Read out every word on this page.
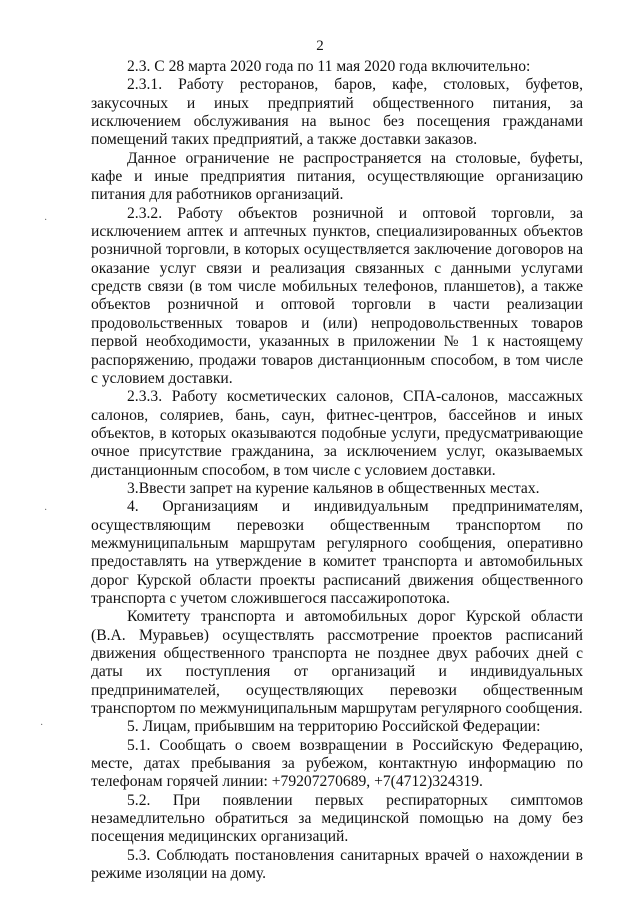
2
·
·
·

2.3. С 28 марта 2020 года по 11 мая 2020 года включительно:

2.3.1. Работу ресторанов, баров, кафе, столовых, буфетов, закусочных и иных предприятий общественного питания, за исключением обслуживания на вынос без посещения гражданами помещений таких предприятий, а также доставки заказов.

Данное ограничение не распространяется на столовые, буфеты, кафе и иные предприятия питания, осуществляющие организацию питания для работников организаций.

2.3.2. Работу объектов розничной и оптовой торговли, за исключением аптек и аптечных пунктов, специализированных объектов розничной торговли, в которых осуществляется заключение договоров на оказание услуг связи и реализация связанных с данными услугами средств связи (в том числе мобильных телефонов, планшетов), а также объектов розничной и оптовой торговли в части реализации продовольственных товаров и (или) непродовольственных товаров первой необходимости, указанных в приложении № 1 к настоящему распоряжению, продажи товаров дистанционным способом, в том числе с условием доставки.

2.3.3. Работу косметических салонов, СПА-салонов, массажных салонов, соляриев, бань, саун, фитнес-центров, бассейнов и иных объектов, в которых оказываются подобные услуги, предусматривающие очное присутствие гражданина, за исключением услуг, оказываемых дистанционным способом, в том числе с условием доставки.

3.Ввести запрет на курение кальянов в общественных местах.

4. Организациям и индивидуальным предпринимателям, осуществляющим перевозки общественным транспортом по межмуниципальным маршрутам регулярного сообщения, оперативно предоставлять на утверждение в комитет транспорта и автомобильных дорог Курской области проекты расписаний движения общественного транспорта с учетом сложившегося пассажиропотока.

Комитету транспорта и автомобильных дорог Курской области (В.А. Муравьев) осуществлять рассмотрение проектов расписаний движения общественного транспорта не позднее двух рабочих дней с даты их поступления от организаций и индивидуальных предпринимателей, осуществляющих перевозки общественным транспортом по межмуниципальным маршрутам регулярного сообщения.

5. Лицам, прибывшим на территорию Российской Федерации:

5.1. Сообщать о своем возвращении в Российскую Федерацию, месте, датах пребывания за рубежом, контактную информацию по телефонам горячей линии: +79207270689, +7(4712)324319.

5.2. При появлении первых респираторных симптомов незамедлительно обратиться за медицинской помощью на дому без посещения медицинских организаций.

5.3. Соблюдать постановления санитарных врачей о нахождении в режиме изоляции на дому.
